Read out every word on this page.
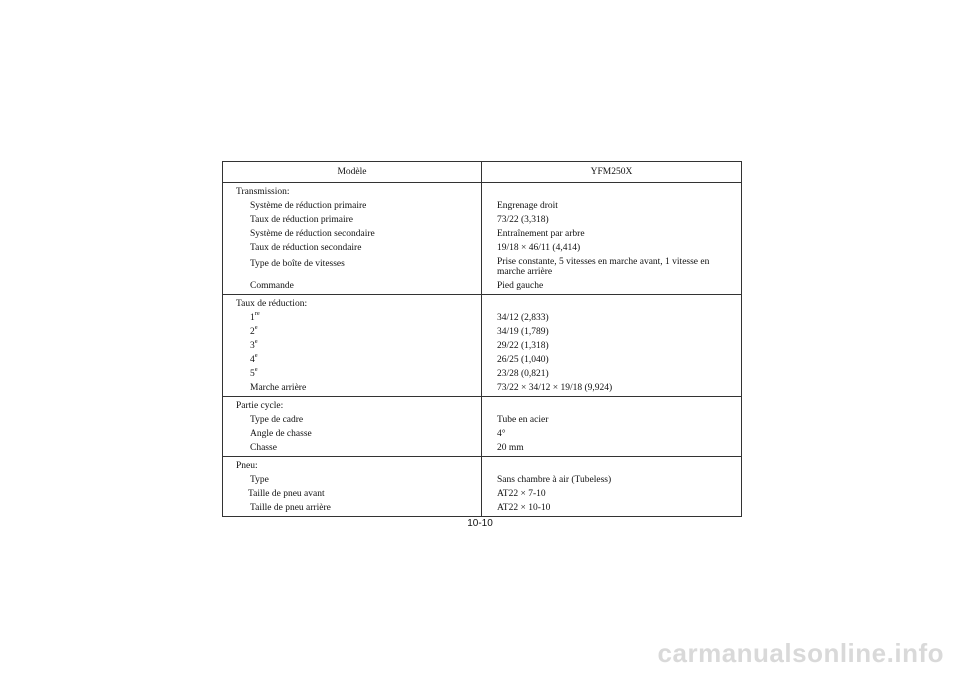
Modèle	YFM250X
Transmission:	
Système de réduction primaire	Engrenage droit
Taux de réduction primaire	73/22 (3,318)
Système de réduction secondaire	Entraînement par arbre
Taux de réduction secondaire	19/18 × 46/11 (4,414)
Type de boîte de vitesses	Prise constante, 5 vitesses en marche avant, 1 vitesse en marche arrière
Commande	Pied gauche
Taux de réduction:	
1re	34/12 (2,833)
2e	34/19 (1,789)
3e	29/22 (1,318)
4e	26/25 (1,040)
5e	23/28 (0,821)
Marche arrière	73/22 × 34/12 × 19/18 (9,924)
Partie cycle:	
Type de cadre	Tube en acier
Angle de chasse	4°
Chasse	20 mm
Pneu:	
Type	Sans chambre à air (Tubeless)
Taille de pneu avant	AT22 × 7-10
Taille de pneu arrière	AT22 × 10-10
10-10
carmanualsonline.info
